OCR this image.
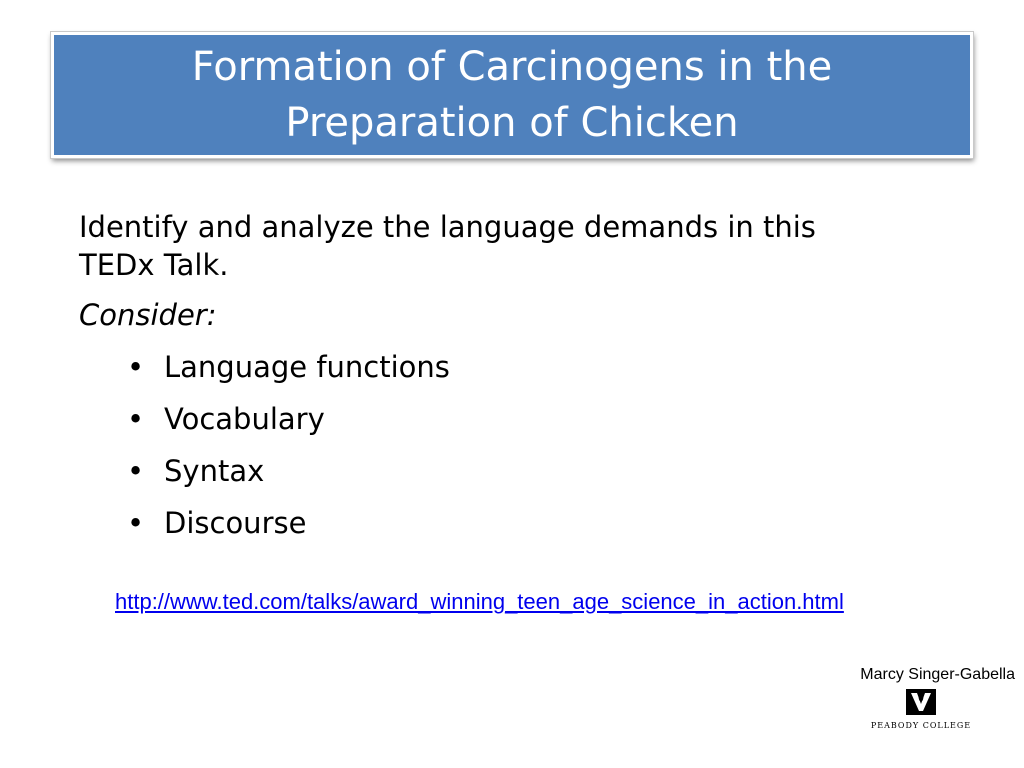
Formation of Carcinogens in the Preparation of Chicken

Identify and analyze the language demands in this TEDx Talk.

Consider:

• Language functions
• Vocabulary
• Syntax
• Discourse
http://www.ted.com/talks/award_winning_teen_age_science_in_action.html
Marcy Singer-Gabella
PEABODY COLLEGE
